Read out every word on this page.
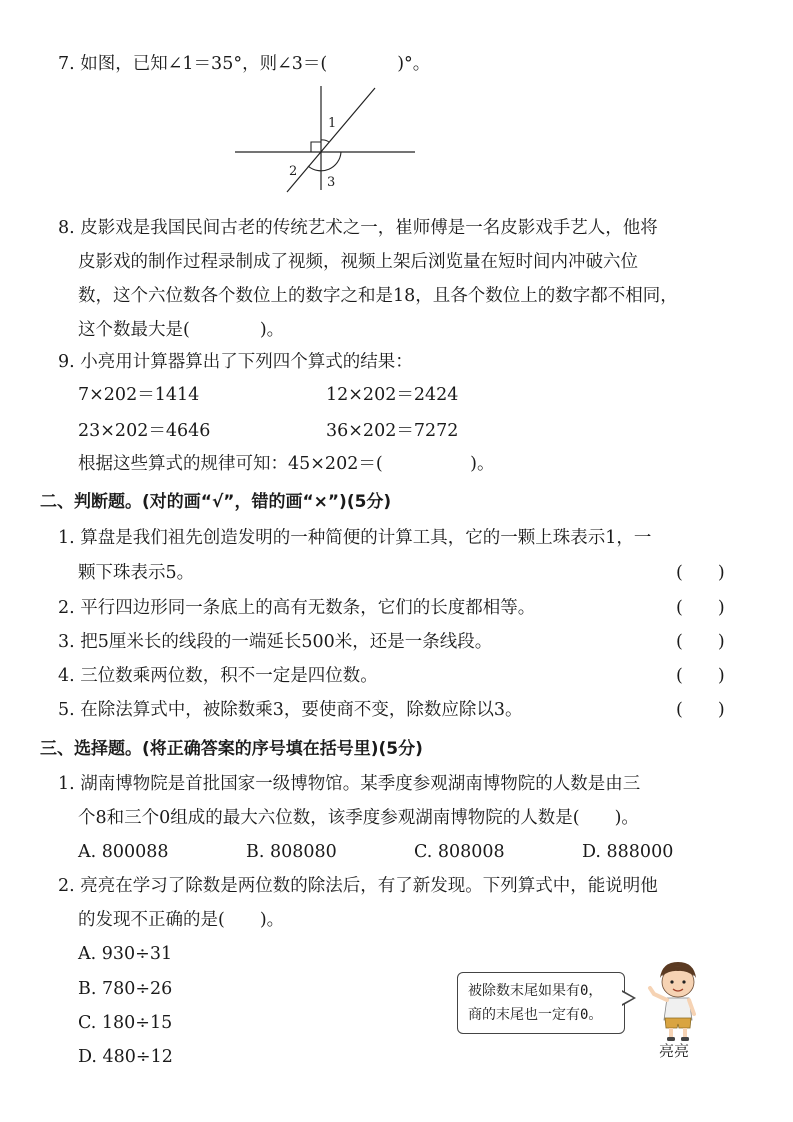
7. 如图，已知∠1＝35°，则∠3＝(　　　　)°。
1
2
3
8. 皮影戏是我国民间古老的传统艺术之一，崔师傅是一名皮影戏手艺人，他将
皮影戏的制作过程录制成了视频，视频上架后浏览量在短时间内冲破六位
数，这个六位数各个数位上的数字之和是18，且各个数位上的数字都不相同，
这个数最大是(　　　　)。
9. 小亮用计算器算出了下列四个算式的结果：
7×202＝1414	12×202＝2424
23×202＝4646	36×202＝7272
根据这些算式的规律可知：45×202＝(　　　　　)。
二、判断题。(对的画“√”，错的画“×”)(5分)
1. 算盘是我们祖先创造发明的一种简便的计算工具，它的一颗上珠表示1，一
颗下珠表示5。	(　　)
2. 平行四边形同一条底上的高有无数条，它们的长度都相等。	(　　)
3. 把5厘米长的线段的一端延长500米，还是一条线段。	(　　)
4. 三位数乘两位数，积不一定是四位数。	(　　)
5. 在除法算式中，被除数乘3，要使商不变，除数应除以3。	(　　)
三、选择题。(将正确答案的序号填在括号里)(5分)
1. 湖南博物院是首批国家一级博物馆。某季度参观湖南博物院的人数是由三
个8和三个0组成的最大六位数，该季度参观湖南博物院的人数是(　　)。
A. 800088	B. 808080	C. 808008	D. 888000
2. 亮亮在学习了除数是两位数的除法后，有了新发现。下列算式中，能说明他
的发现不正确的是(　　)。
A. 930÷31
B. 780÷26
C. 180÷15
D. 480÷12
被除数末尾如果有0，
商的末尾也一定有0。
亮亮
